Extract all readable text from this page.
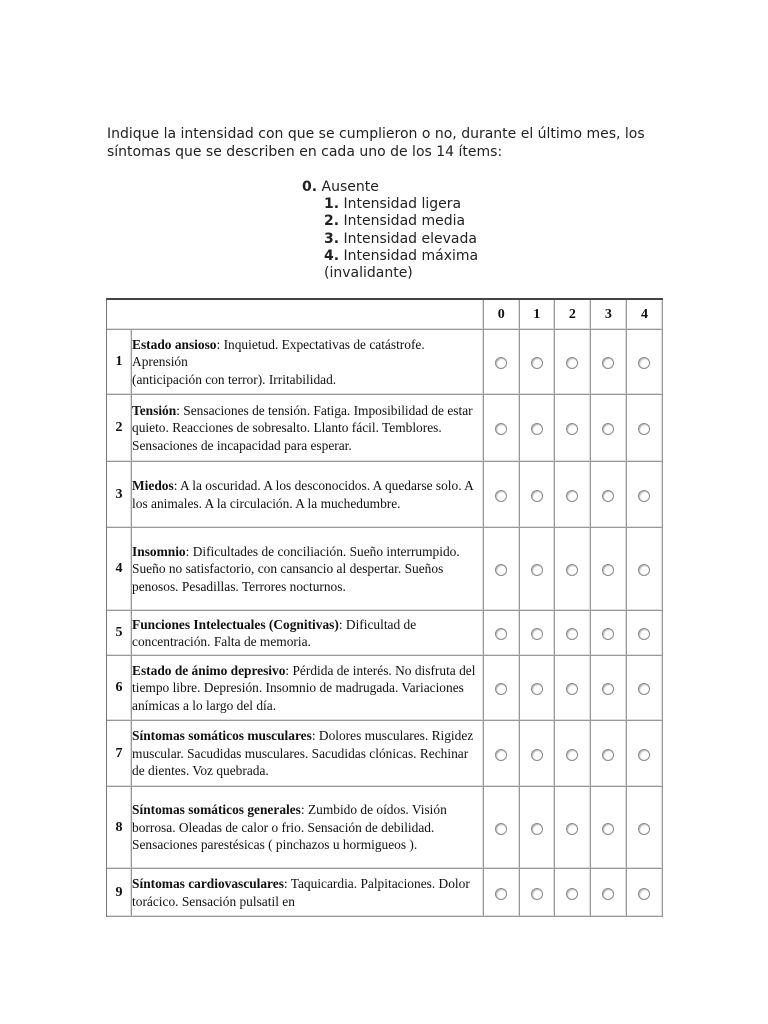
Indique la intensidad con que se cumplieron o no, durante el último mes, los síntomas que se describen en cada uno de los 14 ítems:
0. Ausente
1. Intensidad ligera
2. Intensidad media
3. Intensidad elevada
4. Intensidad máxima
(invalidante)
		0	1	2	3	4
1	Estado ansioso: Inquietud. Expectativas de catástrofe. Aprensión
(anticipación con terror). Irritabilidad.					
2	Tensión: Sensaciones de tensión. Fatiga. Imposibilidad de estar quieto. Reacciones de sobresalto. Llanto fácil. Temblores. Sensaciones de incapacidad para esperar.					
3	Miedos: A la oscuridad. A los desconocidos. A quedarse solo. A los animales. A la circulación. A la muchedumbre.					
4	Insomnio: Dificultades de conciliación. Sueño interrumpido. Sueño no satisfactorio, con cansancio al despertar. Sueños penosos. Pesadillas. Terrores nocturnos.					
5	Funciones Intelectuales (Cognitivas): Dificultad de concentración. Falta de memoria.					
6	Estado de ánimo depresivo: Pérdida de interés. No disfruta del tiempo libre. Depresión. Insomnio de madrugada. Variaciones anímicas a lo largo del día.					
7	Síntomas somáticos musculares: Dolores musculares. Rigidez muscular. Sacudidas musculares. Sacudidas clónicas. Rechinar de dientes. Voz quebrada.					
8	Síntomas somáticos generales: Zumbido de oídos. Visión borrosa. Oleadas de calor o frio. Sensación de debilidad. Sensaciones parestésicas ( pinchazos u hormigueos ).					
9	Síntomas cardiovasculares: Taquicardia. Palpitaciones. Dolor torácico. Sensación pulsatil en					
